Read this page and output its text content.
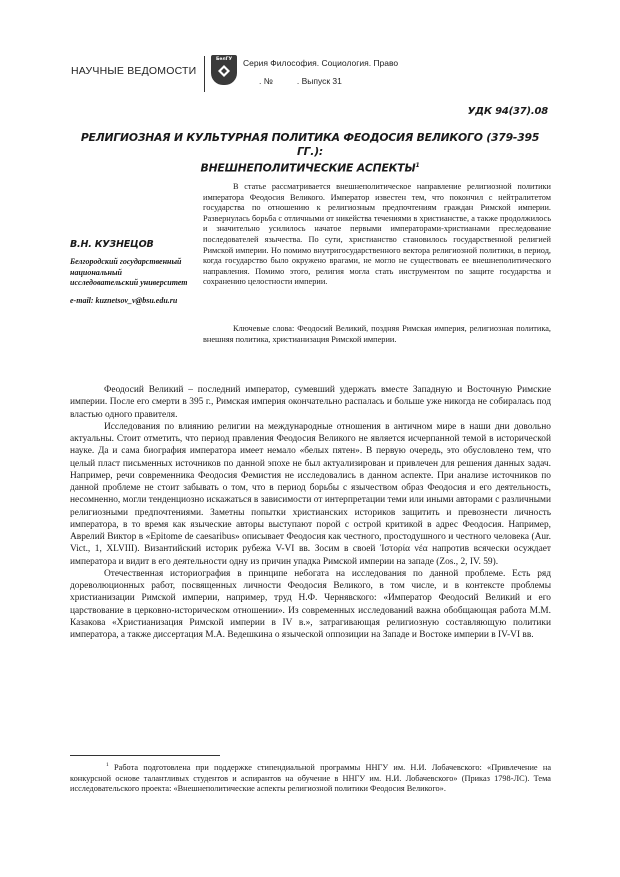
НАУЧНЫЕ ВЕДОМОСТИ
БелГУ	Серия Философия. Социология. Право
. №	. Выпуск 31
УДК 94(37).08
РЕЛИГИОЗНАЯ И КУЛЬТУРНАЯ ПОЛИТИКА ФЕОДОСИЯ ВЕЛИКОГО (379-395 ГГ.):
ВНЕШНЕПОЛИТИЧЕСКИЕ АСПЕКТЫ$^1$
В.Н. КУЗНЕЦОВ
Белгородский государственный национальный исследовательский университет
e-mail: kuznetsov_v@bsu.edu.ru

В статье рассматривается внешнеполитическое направление религиозной политики императора Феодосия Великого. Император известен тем, что покончил с нейтралитетом государства по отношению к религиозным предпочтениям граждан Римской империи. Развернулась борьба с отличными от никейства течениями в христианстве, а также продолжилось и значительно усилилось начатое первыми императорами-христианами преследование последователей язычества. По сути, христианство становилось государственной религией Римской империи. Но помимо внутригосударственного вектора религиозной политики, в период, когда государство было окружено врагами, не могло не существовать ее внешнеполитического направления. Помимо этого, религия могла стать инструментом по защите государства и сохранению целостности империи.

Ключевые слова: Феодосий Великий, поздняя Римская империя, религиозная политика, внешняя политика, христианизация Римской империи.

Феодосий Великий – последний император, сумевший удержать вместе Западную и Восточную Римские империи. После его смерти в 395 г., Римская империя окончательно распалась и больше уже никогда не собиралась под властью одного правителя.

Исследования по влиянию религии на международные отношения в античном мире в наши дни довольно актуальны. Стоит отметить, что период правления Феодосия Великого не является исчерпанной темой в исторической науке. Да и сама биография императора имеет немало «белых пятен». В первую очередь, это обусловлено тем, что целый пласт письменных источников по данной эпохе не был актуализирован и привлечен для решения данных задач. Например, речи современника Феодосия Фемистия не исследовались в данном аспекте. При анализе источников по данной проблеме не стоит забывать о том, что в период борьбы с язычеством образ Феодосия и его деятельность, несомненно, могли тенденциозно искажаться в зависимости от интерпретации теми или иными авторами с различными религиозными предпочтениями. Заметны попытки христианских историков защитить и превознести личность императора, в то время как языческие авторы выступают порой с острой критикой в адрес Феодосия. Например, Аврелий Виктор в «Epitome de caesaribus» описывает Феодосия как честного, простодушного и честного человека (Aur. Vict., 1, XLVIII). Византийский историк рубежа V-VI вв. Зосим в своей Ἱστορία νέα напротив всячески осуждает императора и видит в его деятельности одну из причин упадка Римской империи на западе (Zos., 2, IV. 59).

Отечественная историография в принципе небогата на исследования по данной проблеме. Есть ряд дореволюционных работ, посвященных личности Феодосия Великого, в том числе, и в контексте проблемы христианизации Римской империи, например, труд Н.Ф. Чернявского: «Император Феодосий Великий и его царствование в церковно-историческом отношении». Из современных исследований важна обобщающая работа М.М. Казакова «Христианизация Римской империи в IV в.», затрагивающая религиозную составляющую политики императора, а также диссертация М.А. Ведешкина о языческой оппозиции на Западе и Востоке империи в IV-VI вв.

$^1$ Работа подготовлена при поддержке стипендиальной программы ННГУ им. Н.И. Лобачевского: «Привлечение на конкурсной основе талантливых студентов и аспирантов на обучение в ННГУ им. Н.И. Лобачевского» (Приказ 1798-ЛС). Тема исследовательского проекта: «Внешнеполитические аспекты религиозной политики Феодосия Великого».
